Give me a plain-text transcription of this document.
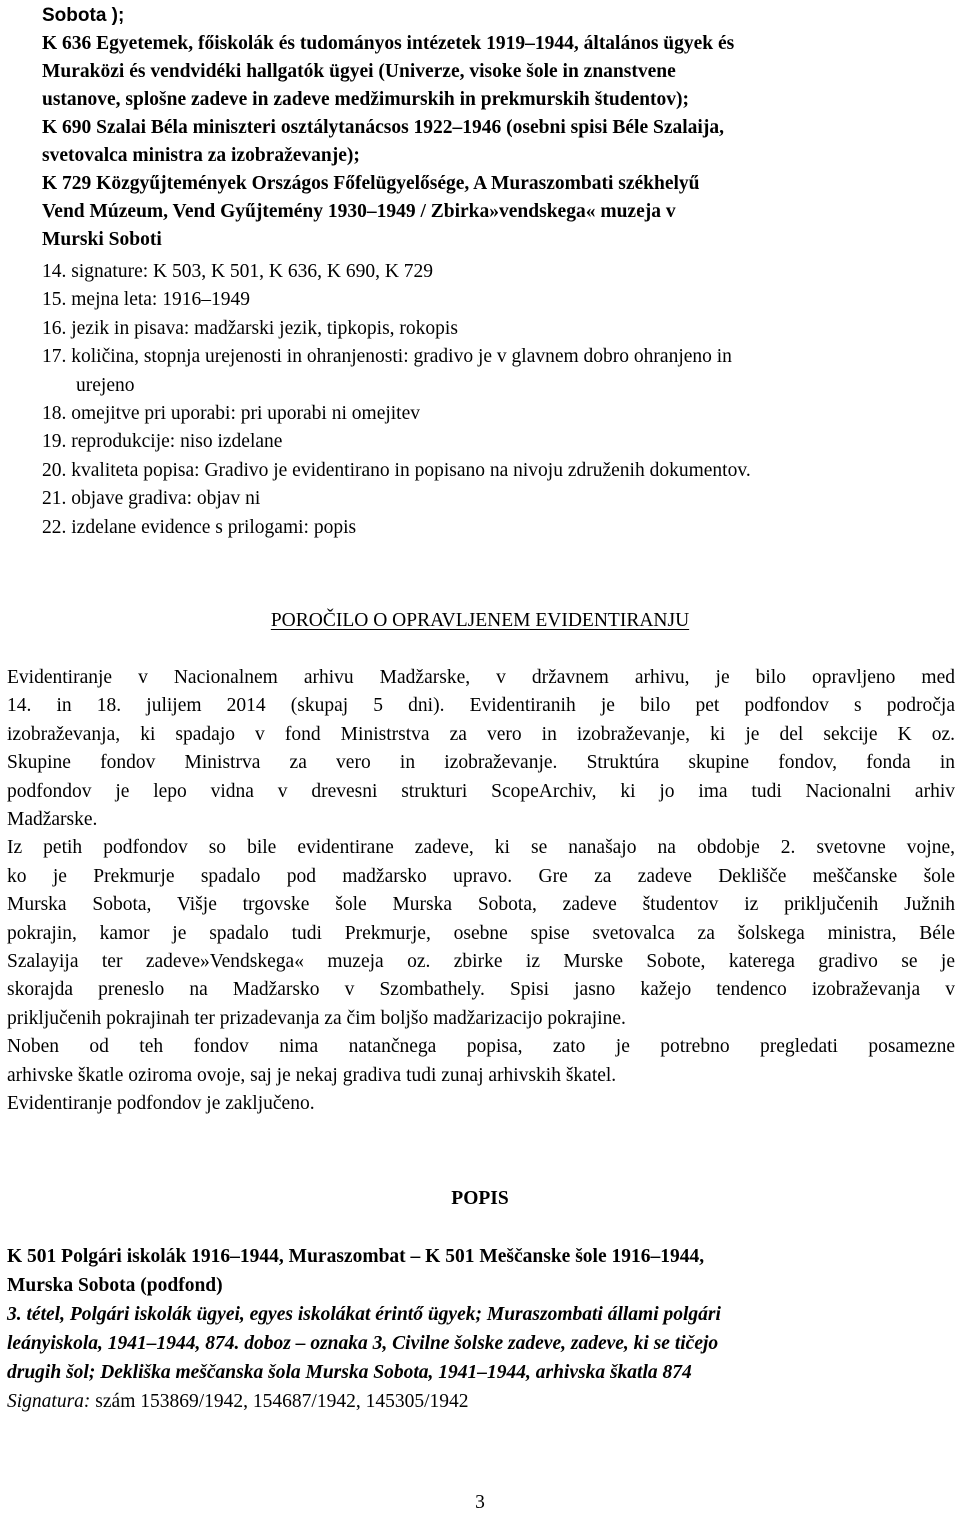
Sobota );
K 636 Egyetemek, főiskolák és tudományos intézetek 1919–1944, általános ügyek és
Muraközi és vendvidéki hallgatók ügyei (Univerze, visoke šole in znanstvene
ustanove, splošne zadeve in zadeve medžimurskih in prekmurskih študentov);
K 690 Szalai Béla miniszteri osztálytanácsos 1922–1946 (osebni spisi Béle Szalaija,
svetovalca ministra za izobraževanje);
K 729 Közgyűjtemények Országos Főfelügyelősége, A Muraszombati székhelyű
Vend Múzeum, Vend Gyűjtemény 1930–1949 / Zbirka»vendskega« muzeja v
Murski Soboti
14. signature: K 503, K 501, K 636, K 690, K 729
15. mejna leta: 1916–1949
16. jezik in pisava: madžarski jezik, tipkopis, rokopis
17. količina, stopnja urejenosti in ohranjenosti: gradivo je v glavnem dobro ohranjeno in
urejeno
18. omejitve pri uporabi: pri uporabi ni omejitev
19. reprodukcije: niso izdelane
20. kvaliteta popisa: Gradivo je evidentirano in popisano na nivoju združenih dokumentov.
21. objave gradiva: objav ni
22. izdelane evidence s prilogami: popis
POROČILO O OPRAVLJENEM EVIDENTIRANJU
Evidentiranje v Nacionalnem arhivu Madžarske, v državnem arhivu, je bilo opravljeno med
14. in 18. julijem 2014 (skupaj 5 dni). Evidentiranih je bilo pet podfondov s področja
izobraževanja, ki spadajo v fond Ministrstva za vero in izobraževanje, ki je del sekcije K oz.
Skupine fondov Ministrva za vero in izobraževanje. Struktúra skupine fondov, fonda in
podfondov je lepo vidna v drevesni strukturi ScopeArchiv, ki jo ima tudi Nacionalni arhiv
Madžarske.
Iz petih podfondov so bile evidentirane zadeve, ki se nanašajo na obdobje 2. svetovne vojne,
ko je Prekmurje spadalo pod madžarsko upravo. Gre za zadeve Deklišče meščanske šole
Murska Sobota, Višje trgovske šole Murska Sobota, zadeve študentov iz priključenih Južnih
pokrajin, kamor je spadalo tudi Prekmurje, osebne spise svetovalca za šolskega ministra, Béle
Szalayija ter zadeve»Vendskega« muzeja oz. zbirke iz Murske Sobote, katerega gradivo se je
skorajda preneslo na Madžarsko v Szombathely. Spisi jasno kažejo tendenco izobraževanja v
priključenih pokrajinah ter prizadevanja za čim boljšo madžarizacijo pokrajine.
Noben od teh fondov nima natančnega popisa, zato je potrebno pregledati posamezne
arhivske škatle oziroma ovoje, saj je nekaj gradiva tudi zunaj arhivskih škatel.
Evidentiranje podfondov je zaključeno.
POPIS
K 501 Polgári iskolák 1916–1944, Muraszombat – K 501 Meščanske šole 1916–1944,
Murska Sobota (podfond)
3. tétel, Polgári iskolák ügyei, egyes iskolákat érintő ügyek; Muraszombati állami polgári
leányiskola, 1941–1944, 874. doboz – oznaka 3, Civilne šolske zadeve, zadeve, ki se tičejo
drugih šol; Dekliška meščanska šola Murska Sobota, 1941–1944, arhivska škatla 874
Signatura: szám 153869/1942, 154687/1942, 145305/1942
3
